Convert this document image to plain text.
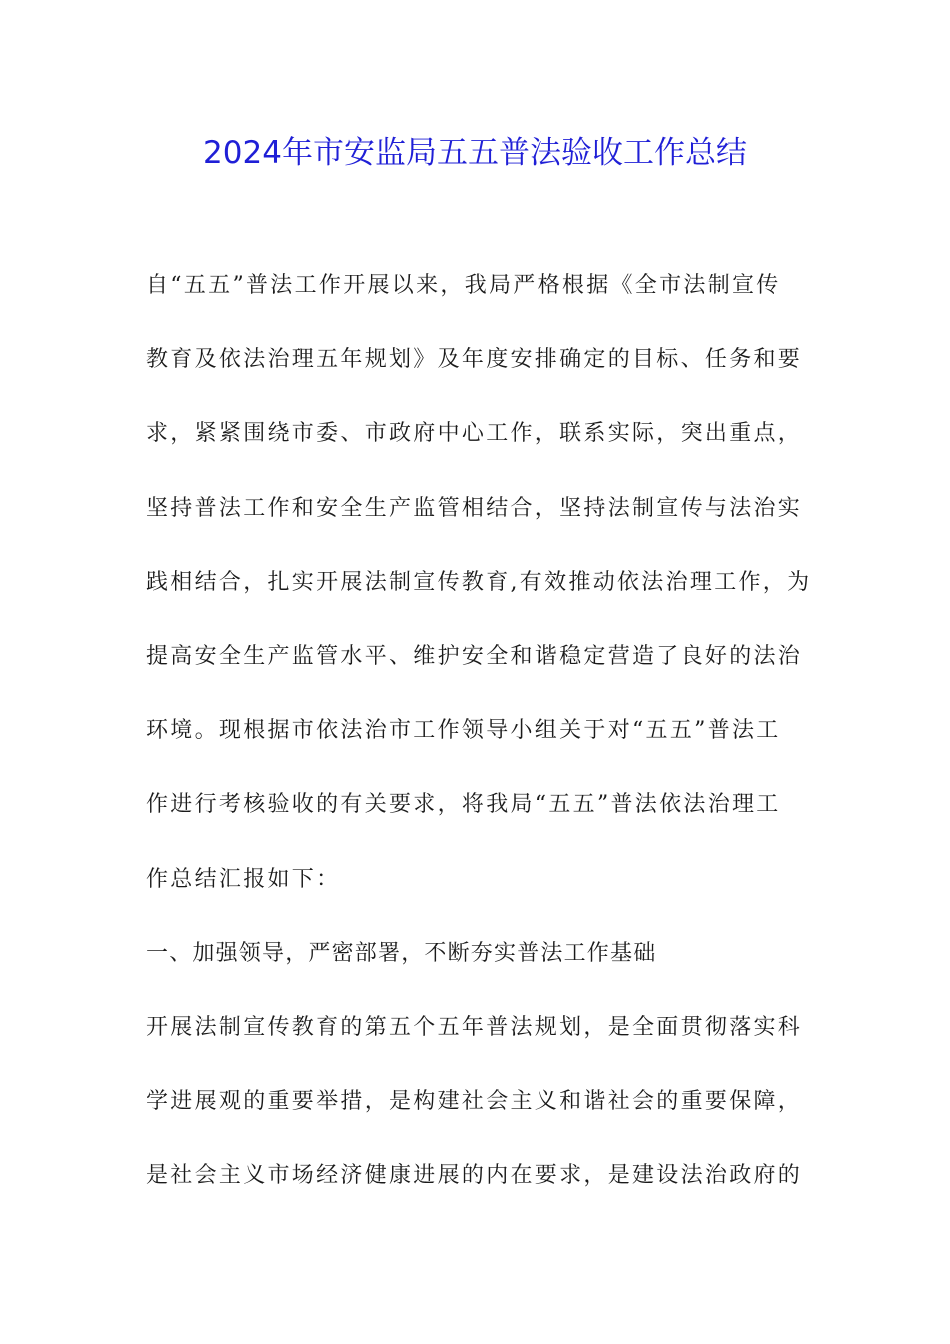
2024年市安监局五五普法验收工作总结
自“五五”普法工作开展以来，我局严格根据《全市法制宣传
教育及依法治理五年规划》及年度安排确定的目标、任务和要
求，紧紧围绕市委、市政府中心工作，联系实际，突出重点，
坚持普法工作和安全生产监管相结合，坚持法制宣传与法治实
践相结合，扎实开展法制宣传教育,有效推动依法治理工作，为
提高安全生产监管水平、维护安全和谐稳定营造了良好的法治
环境。现根据市依法治市工作领导小组关于对“五五”普法工
作进行考核验收的有关要求，将我局“五五”普法依法治理工
作总结汇报如下：
一、加强领导，严密部署，不断夯实普法工作基础
开展法制宣传教育的第五个五年普法规划，是全面贯彻落实科
学进展观的重要举措，是构建社会主义和谐社会的重要保障，
是社会主义市场经济健康进展的内在要求，是建设法治政府的
